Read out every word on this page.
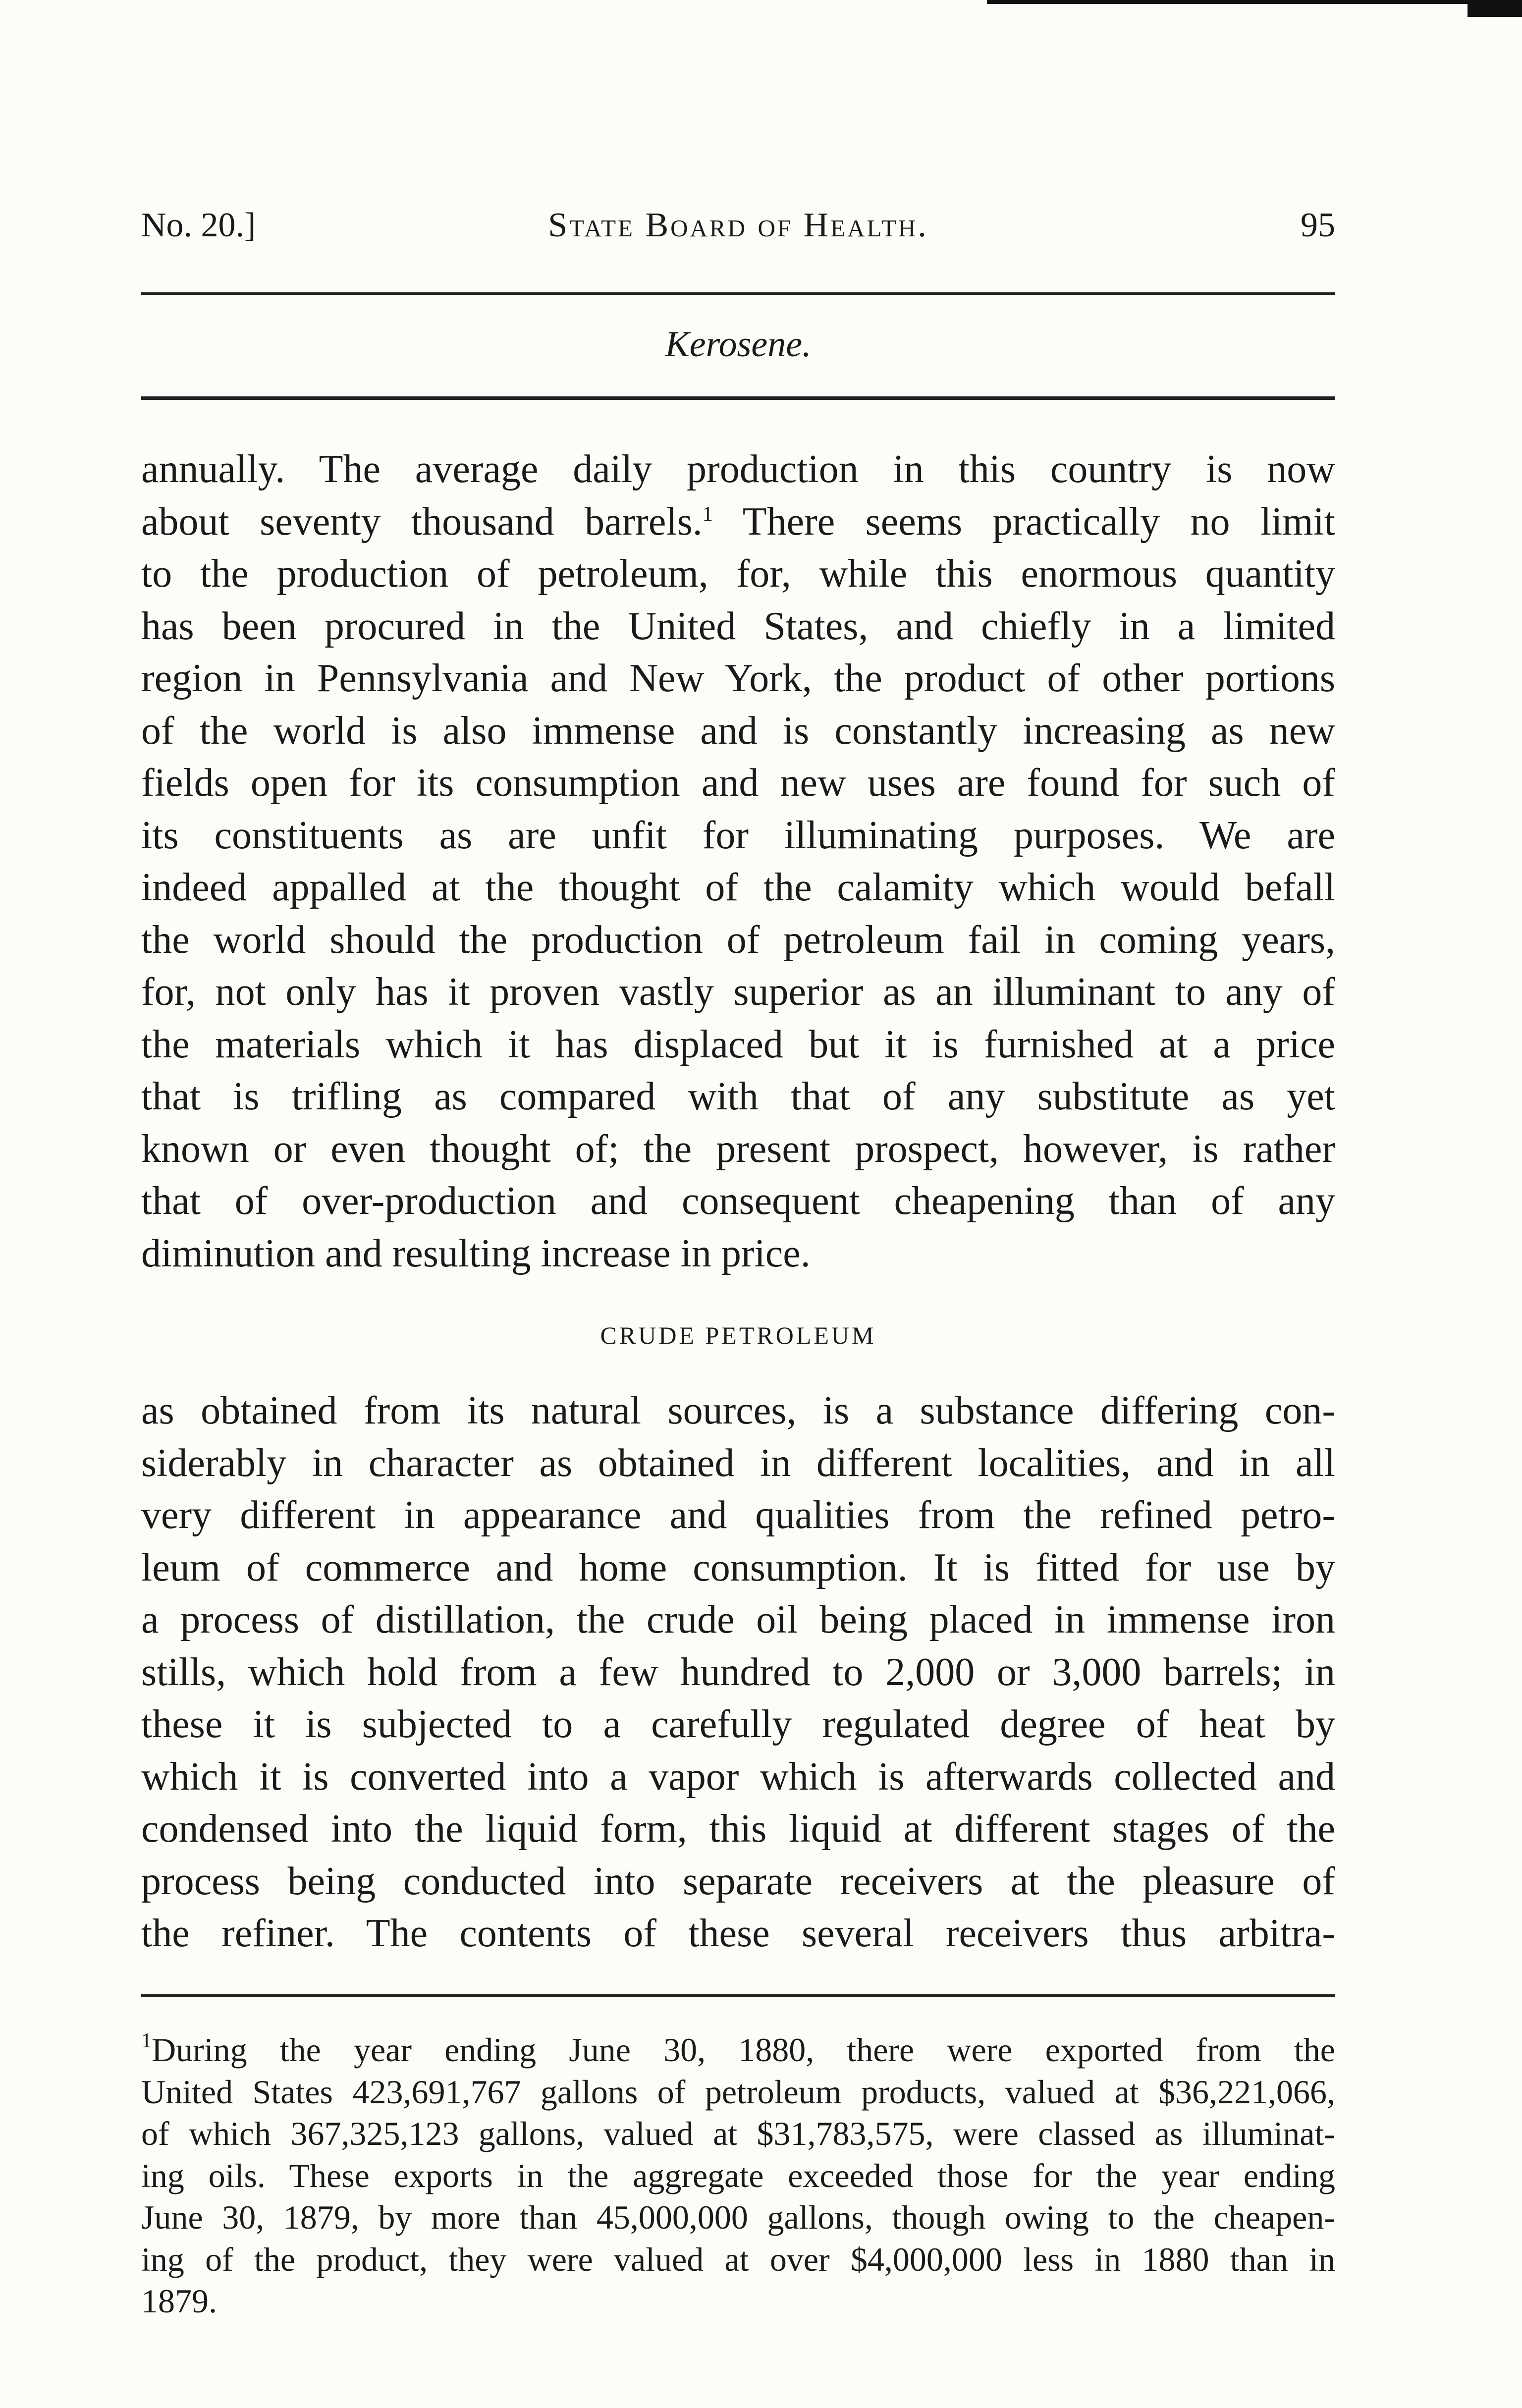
No. 20.]	State Board of Health.	95
Kerosene.
annually. The average daily production in this country is now
about seventy thousand barrels.$^1$ There seems practically no limit
to the production of petroleum, for, while this enormous quantity
has been procured in the United States, and chiefly in a limited
region in Pennsylvania and New York, the product of other portions
of the world is also immense and is constantly increasing as new
fields open for its consumption and new uses are found for such of
its constituents as are unfit for illuminating purposes. We are
indeed appalled at the thought of the calamity which would befall
the world should the production of petroleum fail in coming years,
for, not only has it proven vastly superior as an illuminant to any of
the materials which it has displaced but it is furnished at a price
that is trifling as compared with that of any substitute as yet
known or even thought of; the present prospect, however, is rather
that of over-production and consequent cheapening than of any
diminution and resulting increase in price.
CRUDE PETROLEUM
as obtained from its natural sources, is a substance differing con-
siderably in character as obtained in different localities, and in all
very different in appearance and qualities from the refined petro-
leum of commerce and home consumption. It is fitted for use by
a process of distillation, the crude oil being placed in immense iron
stills, which hold from a few hundred to 2,000 or 3,000 barrels; in
these it is subjected to a carefully regulated degree of heat by
which it is converted into a vapor which is afterwards collected and
condensed into the liquid form, this liquid at different stages of the
process being conducted into separate receivers at the pleasure of
the refiner. The contents of these several receivers thus arbitra-
$^1$During the year ending June 30, 1880, there were exported from the
United States 423,691,767 gallons of petroleum products, valued at $36,221,066,
of which 367,325,123 gallons, valued at $31,783,575, were classed as illuminat-
ing oils. These exports in the aggregate exceeded those for the year ending
June 30, 1879, by more than 45,000,000 gallons, though owing to the cheapen-
ing of the product, they were valued at over $4,000,000 less in 1880 than in
1879.
